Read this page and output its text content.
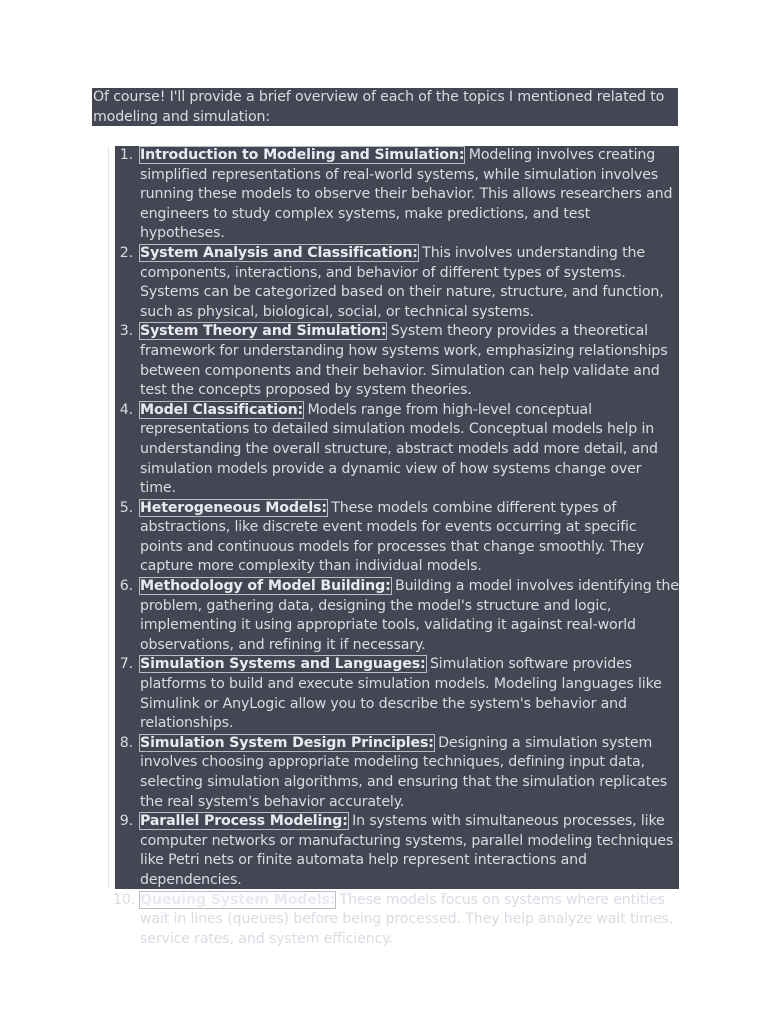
Of course! I'll provide a brief overview of each of the topics I mentioned related to modeling and simulation:
1. Introduction to Modeling and Simulation: Modeling involves creating simplified representations of real-world systems, while simulation involves running these models to observe their behavior. This allows researchers and engineers to study complex systems, make predictions, and test hypotheses.
2. System Analysis and Classification: This involves understanding the components, interactions, and behavior of different types of systems. Systems can be categorized based on their nature, structure, and function, such as physical, biological, social, or technical systems.
3. System Theory and Simulation: System theory provides a theoretical framework for understanding how systems work, emphasizing relationships between components and their behavior. Simulation can help validate and test the concepts proposed by system theories.
4. Model Classification: Models range from high-level conceptual representations to detailed simulation models. Conceptual models help in understanding the overall structure, abstract models add more detail, and simulation models provide a dynamic view of how systems change over time.
5. Heterogeneous Models: These models combine different types of abstractions, like discrete event models for events occurring at specific points and continuous models for processes that change smoothly. They capture more complexity than individual models.
6. Methodology of Model Building: Building a model involves identifying the problem, gathering data, designing the model's structure and logic, implementing it using appropriate tools, validating it against real-world observations, and refining it if necessary.
7. Simulation Systems and Languages: Simulation software provides platforms to build and execute simulation models. Modeling languages like Simulink or AnyLogic allow you to describe the system's behavior and relationships.
8. Simulation System Design Principles: Designing a simulation system involves choosing appropriate modeling techniques, defining input data, selecting simulation algorithms, and ensuring that the simulation replicates the real system's behavior accurately.
9. Parallel Process Modeling: In systems with simultaneous processes, like computer networks or manufacturing systems, parallel modeling techniques like Petri nets or finite automata help represent interactions and dependencies.
10. Queuing System Models: These models focus on systems where entities wait in lines (queues) before being processed. They help analyze wait times, service rates, and system efficiency.
